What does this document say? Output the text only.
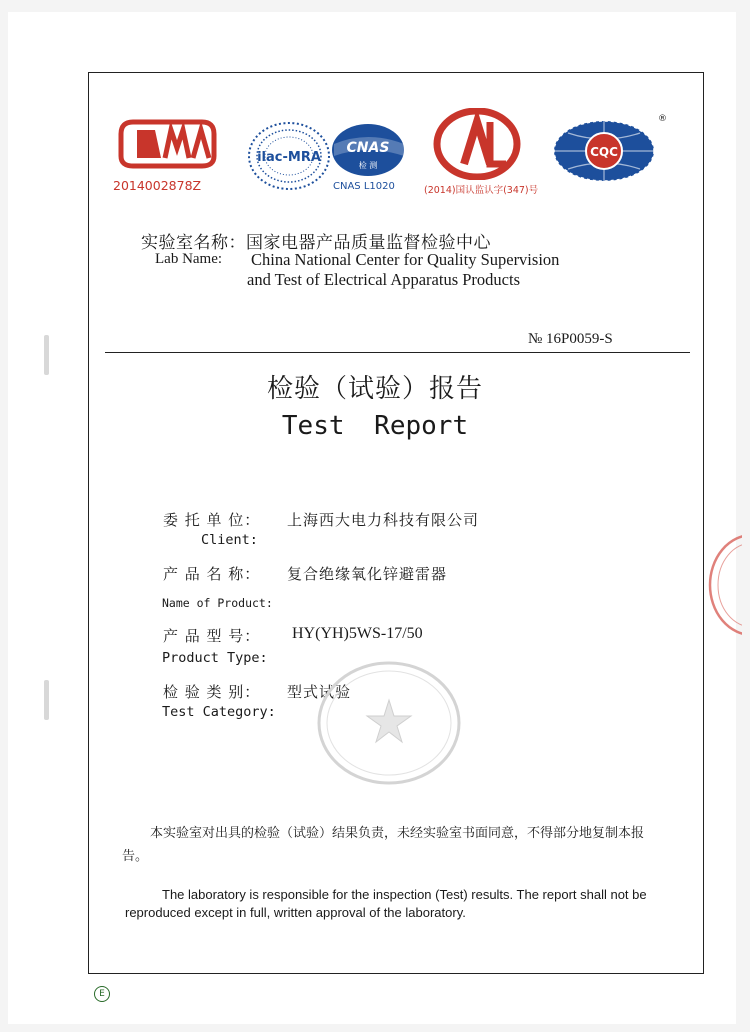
2014002878Z
ilac-MRA
CNAS
检 测
CNAS L1020	(2014)国认监认字(347)号
CQC
®
实验室名称：国家电器产品质量监督检验中心
Lab Name: China National Center for Quality Supervision
and Test of Electrical Apparatus Products
№ 16P0059-S
检验（试验）报告
Test Report
委 托 单 位： 上海西大电力科技有限公司
Client:
产 品 名 称： 复合绝缘氧化锌避雷器
Name of Product:
产 品 型 号： HY(YH)5WS-17/50
Product Type:
检 验 类 别： 型式试验
Test Category:
本实验室对出具的检验（试验）结果负责，未经实验室书面同意，不得部分地复制本报告。
The laboratory is responsible for the inspection (Test) results. The report shall not be reproduced except in full, written approval of the laboratory.
E
